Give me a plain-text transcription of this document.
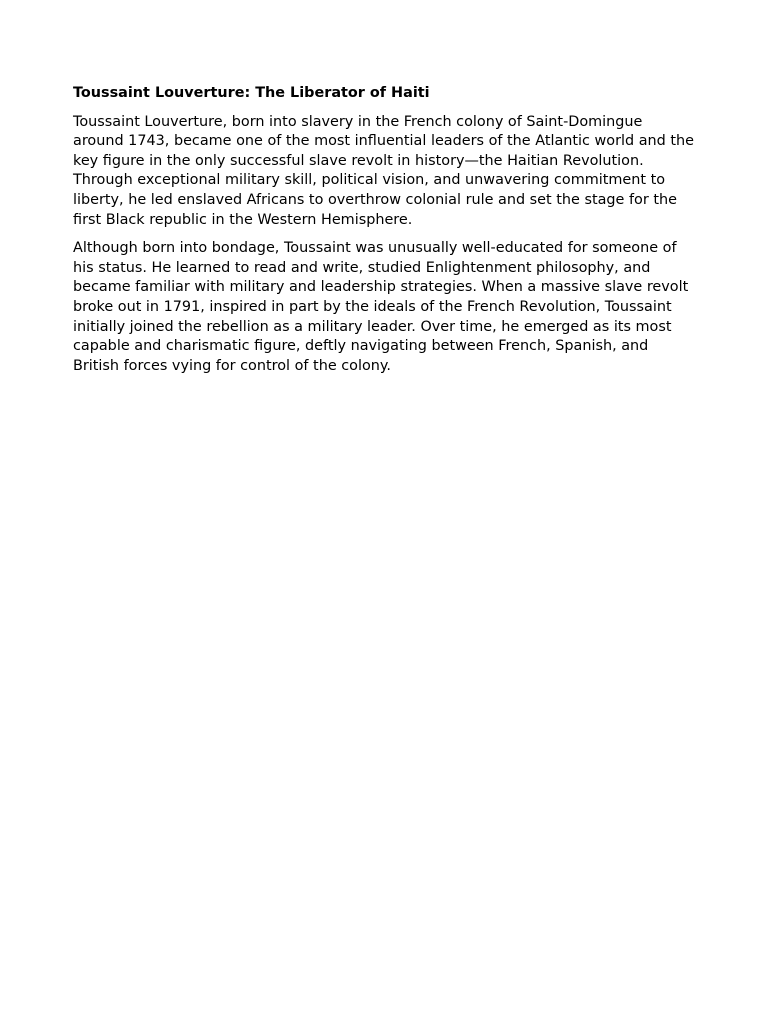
Toussaint Louverture: The Liberator of Haiti

Toussaint Louverture, born into slavery in the French colony of Saint-Domingue around 1743, became one of the most influential leaders of the Atlantic world and the key figure in the only successful slave revolt in history—the Haitian Revolution. Through exceptional military skill, political vision, and unwavering commitment to liberty, he led enslaved Africans to overthrow colonial rule and set the stage for the first Black republic in the Western Hemisphere.

Although born into bondage, Toussaint was unusually well-educated for someone of his status. He learned to read and write, studied Enlightenment philosophy, and became familiar with military and leadership strategies. When a massive slave revolt broke out in 1791, inspired in part by the ideals of the French Revolution, Toussaint initially joined the rebellion as a military leader. Over time, he emerged as its most capable and charismatic figure, deftly navigating between French, Spanish, and British forces vying for control of the colony.
